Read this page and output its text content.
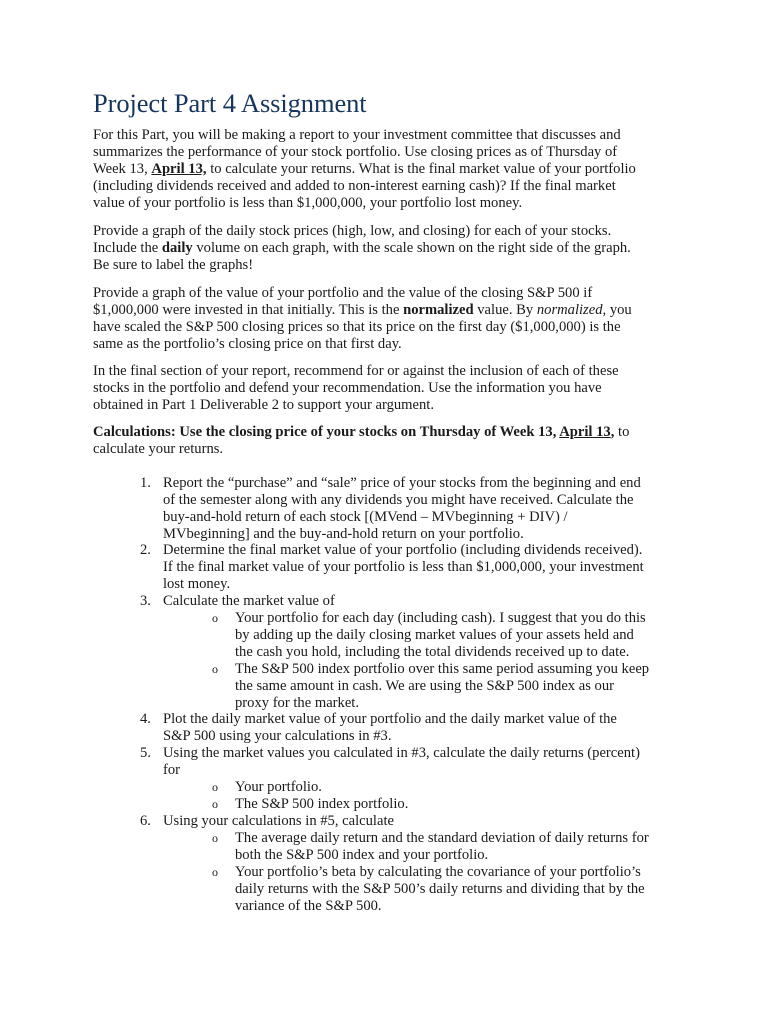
Project Part 4 Assignment
For this Part, you will be making a report to your investment committee that discusses and
summarizes the performance of your stock portfolio. Use closing prices as of Thursday of
Week 13, April 13, to calculate your returns. What is the final market value of your portfolio
(including dividends received and added to non-interest earning cash)? If the final market
value of your portfolio is less than $1,000,000, your portfolio lost money.
Provide a graph of the daily stock prices (high, low, and closing) for each of your stocks.
Include the daily volume on each graph, with the scale shown on the right side of the graph.
Be sure to label the graphs!
Provide a graph of the value of your portfolio and the value of the closing S&P 500 if
$1,000,000 were invested in that initially. This is the normalized value. By normalized, you
have scaled the S&P 500 closing prices so that its price on the first day ($1,000,000) is the
same as the portfolio’s closing price on that first day.
In the final section of your report, recommend for or against the inclusion of each of these
stocks in the portfolio and defend your recommendation. Use the information you have
obtained in Part 1 Deliverable 2 to support your argument.
Calculations: Use the closing price of your stocks on Thursday of Week 13, April 13, to
calculate your returns.
1. Report the “purchase” and “sale” price of your stocks from the beginning and end
of the semester along with any dividends you might have received. Calculate the
buy-and-hold return of each stock [(MVend – MVbeginning + DIV) /
MVbeginning] and the buy-and-hold return on your portfolio.
2. Determine the final market value of your portfolio (including dividends received).
If the final market value of your portfolio is less than $1,000,000, your investment
lost money.
3. Calculate the market value of
o Your portfolio for each day (including cash). I suggest that you do this
by adding up the daily closing market values of your assets held and
the cash you hold, including the total dividends received up to date.
o The S&P 500 index portfolio over this same period assuming you keep
the same amount in cash. We are using the S&P 500 index as our
proxy for the market.
4. Plot the daily market value of your portfolio and the daily market value of the
S&P 500 using your calculations in #3.
5. Using the market values you calculated in #3, calculate the daily returns (percent)
for
o Your portfolio.
o The S&P 500 index portfolio.
6. Using your calculations in #5, calculate
o The average daily return and the standard deviation of daily returns for
both the S&P 500 index and your portfolio.
o Your portfolio’s beta by calculating the covariance of your portfolio’s
daily returns with the S&P 500’s daily returns and dividing that by the
variance of the S&P 500.
